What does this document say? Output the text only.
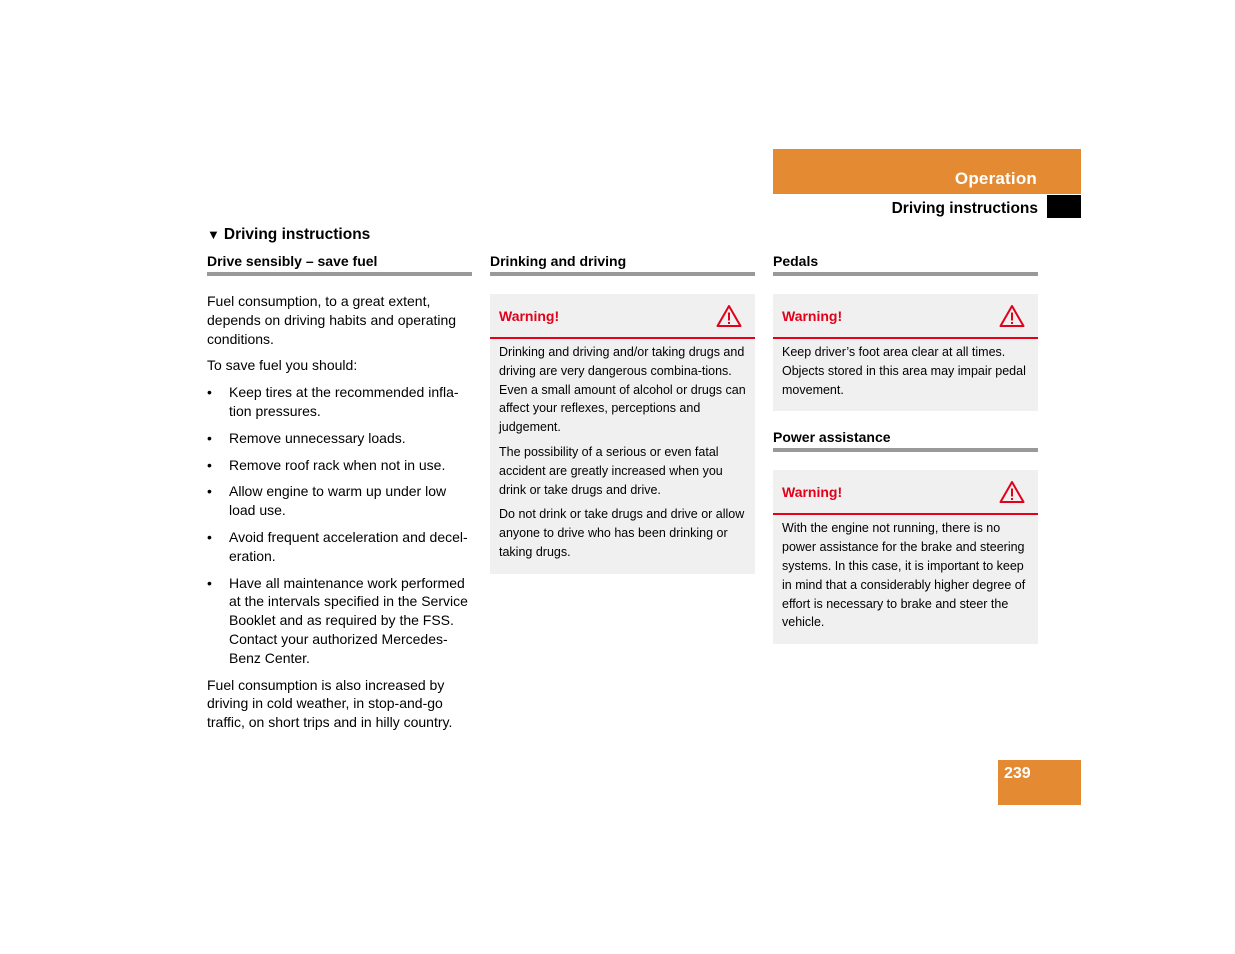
Operation
Driving instructions
▼ Driving instructions
Drive sensibly – save fuel

Fuel consumption, to a great extent, depends on driving habits and operating conditions.

To save fuel you should:

• Keep tires at the recommended infla-tion pressures.
• Remove unnecessary loads.
• Remove roof rack when not in use.
• Allow engine to warm up under low load use.
• Avoid frequent acceleration and decel-eration.
• Have all maintenance work performed at the intervals specified in the Service Booklet and as required by the FSS. Contact your authorized Mercedes-Benz Center.

Fuel consumption is also increased by driving in cold weather, in stop-and-go traffic, on short trips and in hilly country.

Drinking and driving
Warning!

Drinking and driving and/or taking drugs and driving are very dangerous combina-tions. Even a small amount of alcohol or drugs can affect your reflexes, perceptions and judgement.

The possibility of a serious or even fatal accident are greatly increased when you drink or take drugs and drive.

Do not drink or take drugs and drive or allow anyone to drive who has been drinking or taking drugs.

Pedals
Warning!

Keep driver’s foot area clear at all times. Objects stored in this area may impair pedal movement.

Power assistance
Warning!

With the engine not running, there is no power assistance for the brake and steering systems. In this case, it is important to keep in mind that a considerably higher degree of effort is necessary to brake and steer the vehicle.

239
